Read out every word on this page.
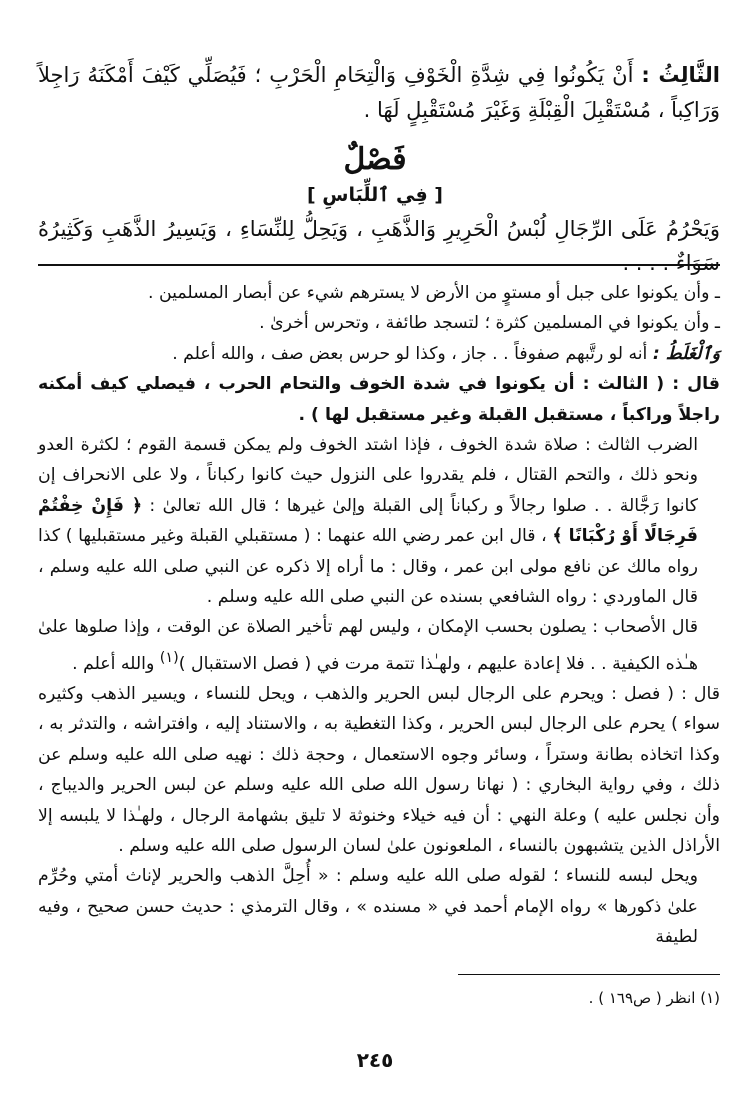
الثَّالِثُ : أَنْ يَكُونُوا فِي شِدَّةِ الْخَوْفِ وَالْتِحَامِ الْحَرْبِ ؛ فَيُصَلِّي كَيْفَ أَمْكَنَهُ رَاجِلاً وَرَاكِباً ، مُسْتَقْبِلَ الْقِبْلَةِ وَغَيْرَ مُسْتَقْبِلٍ لَهَا .
فَصْلٌ
[ فِي ٱللِّبَاسِ ]
وَيَحْرُمُ عَلَى الرِّجَالِ لُبْسُ الْحَرِيرِ وَالذَّهَبِ ، وَيَحِلُّ لِلنِّسَاءِ ، وَيَسِيرُ الذَّهَبِ وَكَثِيرُهُ سَوَاءٌ . . . .

ـ وأن يكونوا على جبل أو مستوٍ من الأرض لا يسترهم شيء عن أبصار المسلمين .

ـ وأن يكونوا في المسلمين كثرة ؛ لتسجد طائفة ، وتحرس أخرىٰ .

وَٱلْغَلَطُ : أنه لو رتَّبهم صفوفاً . . جاز ، وكذا لو حرس بعض صف ، والله أعلم .

قال : ( الثالث : أن يكونوا في شدة الخوف والتحام الحرب ، فيصلي كيف أمكنه راجلاً وراكباً ، مستقبل القبلة وغير مستقبل لها ) .

الضرب الثالث : صلاة شدة الخوف ، فإذا اشتد الخوف ولم يمكن قسمة القوم ؛ لكثرة العدو ونحو ذلك ، والتحم القتال ، فلم يقدروا على النزول حيث كانوا ركباناً ، ولا على الانحراف إن كانوا رَجَّالة . . صلوا رجالاً و ركباناً إلى القبلة وإلىٰ غيرها ؛ قال الله تعالىٰ : ﴿ فَإِنْ خِفْتُمْ فَرِجَالًا أَوْ رُكْبَانًا ﴾ ، قال ابن عمر رضي الله عنهما : ( مستقبلي القبلة وغير مستقبليها ) كذا رواه مالك عن نافع مولى ابن عمر ، وقال : ما أراه إلا ذكره عن النبي صلى الله عليه وسلم ، قال الماوردي : رواه الشافعي بسنده عن النبي صلى الله عليه وسلم .

قال الأصحاب : يصلون بحسب الإمكان ، وليس لهم تأخير الصلاة عن الوقت ، وإذا صلوها علىٰ هـٰذه الكيفية . . فلا إعادة عليهم ، ولهـٰذا تتمة مرت في ( فصل الاستقبال )$^{(١)}$ والله أعلم .

قال : ( فصل : ويحرم على الرجال لبس الحرير والذهب ، ويحل للنساء ، ويسير الذهب وكثيره سواء ) يحرم على الرجال لبس الحرير ، وكذا التغطية به ، والاستناد إليه ، وافتراشه ، والتدثر به ، وكذا اتخاذه بطانة وستراً ، وسائر وجوه الاستعمال ، وحجة ذلك : نهيه صلى الله عليه وسلم عن ذلك ، وفي رواية البخاري : ( نهانا رسول الله صلى الله عليه وسلم عن لبس الحرير والديباج ، وأن نجلس عليه ) وعلة النهي : أن فيه خيلاء وخنوثة لا تليق بشهامة الرجال ، ولهـٰذا لا يلبسه إلا الأراذل الذين يتشبهون بالنساء ، الملعونون علىٰ لسان الرسول صلى الله عليه وسلم .

ويحل لبسه للنساء ؛ لقوله صلى الله عليه وسلم : « أُحِلَّ الذهب والحرير لإناث أمتي وحُرِّم علىٰ ذكورها » رواه الإمام أحمد في « مسنده » ، وقال الترمذي : حديث حسن صحيح ، وفيه لطيفة

(١) انظر ( ص١٦٩ ) .
٢٤٥
